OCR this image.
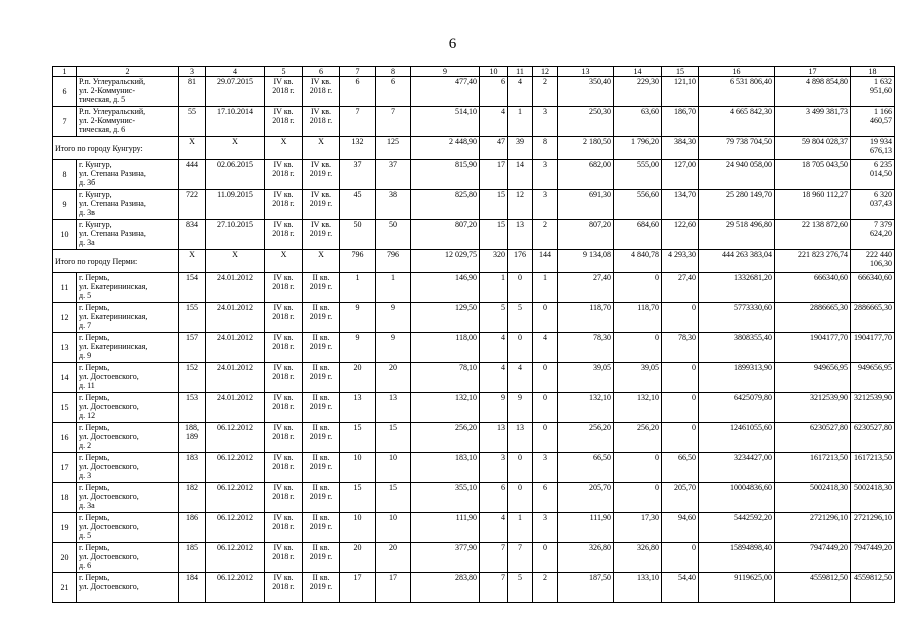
6
1	2	3	4	5	6	7	8	9	10	11	12	13	14	15	16	17	18
6	Р.п. Углеуральский,
ул. 2-Коммунис-
тическая, д. 5	81	29.07.2015	IV кв.
2018 г.	IV кв.
2018 г.	6	6	477,40	6	4	2	350,40	229,30	121,10	6 531 806,40	4 898 854,80	1 632
951,60
7	Р.п. Углеуральский,
ул. 2-Коммунис-
тическая, д. 6	55	17.10.2014	IV кв.
2018 г.	IV кв.
2018 г.	7	7	514,10	4	1	3	250,30	63,60	186,70	4 665 842,30	3 499 381,73	1 166
460,57
Итого по городу Кунгуру:		X	X	X	X	132	125	2 448,90	47	39	8	2 180,50	1 796,20	384,30	79 738 704,50	59 804 028,37	19 934
676,13
8	г. Кунгур,
ул. Степана Разина,
д. 3б	444	02.06.2015	IV кв.
2018 г.	IV кв.
2019 г.	37	37	815,90	17	14	3	682,00	555,00	127,00	24 940 058,00	18 705 043,50	6 235
014,50
9	г. Кунгур,
ул. Степана Разина,
д. 3в	722	11.09.2015	IV кв.
2018 г.	IV кв.
2019 г.	45	38	825,80	15	12	3	691,30	556,60	134,70	25 280 149,70	18 960 112,27	6 320
037,43
10	г. Кунгур,
ул. Степана Разина,
д. 3а	834	27.10.2015	IV кв.
2018 г.	IV кв.
2019 г.	50	50	807,20	15	13	2	807,20	684,60	122,60	29 518 496,80	22 138 872,60	7 379
624,20
Итого по городу Перми:		X	X	X	X	796	796	12 029,75	320	176	144	9 134,08	4 840,78	4 293,30	444 263 383,04	221 823 276,74	222 440
106,30
11	г. Пермь,
ул. Екатерининская,
д. 5	154	24.01.2012	IV кв.
2018 г.	II кв.
2019 г.	1	1	146,90	1	0	1	27,40	0	27,40	1332681,20	666340,60	666340,60
12	г. Пермь,
ул. Екатерининская,
д. 7	155	24.01.2012	IV кв.
2018 г.	II кв.
2019 г.	9	9	129,50	5	5	0	118,70	118,70	0	5773330,60	2886665,30	2886665,30
13	г. Пермь,
ул. Екатерининская,
д. 9	157	24.01.2012	IV кв.
2018 г.	II кв.
2019 г.	9	9	118,00	4	0	4	78,30	0	78,30	3808355,40	1904177,70	1904177,70
14	г. Пермь,
ул. Достоевского,
д. 11	152	24.01.2012	IV кв.
2018 г.	II кв.
2019 г.	20	20	78,10	4	4	0	39,05	39,05	0	1899313,90	949656,95	949656,95
15	г. Пермь,
ул. Достоевского,
д. 12	153	24.01.2012	IV кв.
2018 г.	II кв.
2019 г.	13	13	132,10	9	9	0	132,10	132,10	0	6425079,80	3212539,90	3212539,90
16	г. Пермь,
ул. Достоевского,
д. 2	188,
189	06.12.2012	IV кв.
2018 г.	II кв.
2019 г.	15	15	256,20	13	13	0	256,20	256,20	0	12461055,60	6230527,80	6230527,80
17	г. Пермь,
ул. Достоевского,
д. 3	183	06.12.2012	IV кв.
2018 г.	II кв.
2019 г.	10	10	183,10	3	0	3	66,50	0	66,50	3234427,00	1617213,50	1617213,50
18	г. Пермь,
ул. Достоевского,
д. 3а	182	06.12.2012	IV кв.
2018 г.	II кв.
2019 г.	15	15	355,10	6	0	6	205,70	0	205,70	10004836,60	5002418,30	5002418,30
19	г. Пермь,
ул. Достоевского,
д. 5	186	06.12.2012	IV кв.
2018 г.	II кв.
2019 г.	10	10	111,90	4	1	3	111,90	17,30	94,60	5442592,20	2721296,10	2721296,10
20	г. Пермь,
ул. Достоевского,
д. 6	185	06.12.2012	IV кв.
2018 г.	II кв.
2019 г.	20	20	377,90	7	7	0	326,80	326,80	0	15894898,40	7947449,20	7947449,20
21	г. Пермь,
ул. Достоевского,	184	06.12.2012	IV кв.
2018 г.	II кв.
2019 г.	17	17	283,80	7	5	2	187,50	133,10	54,40	9119625,00	4559812,50	4559812,50
